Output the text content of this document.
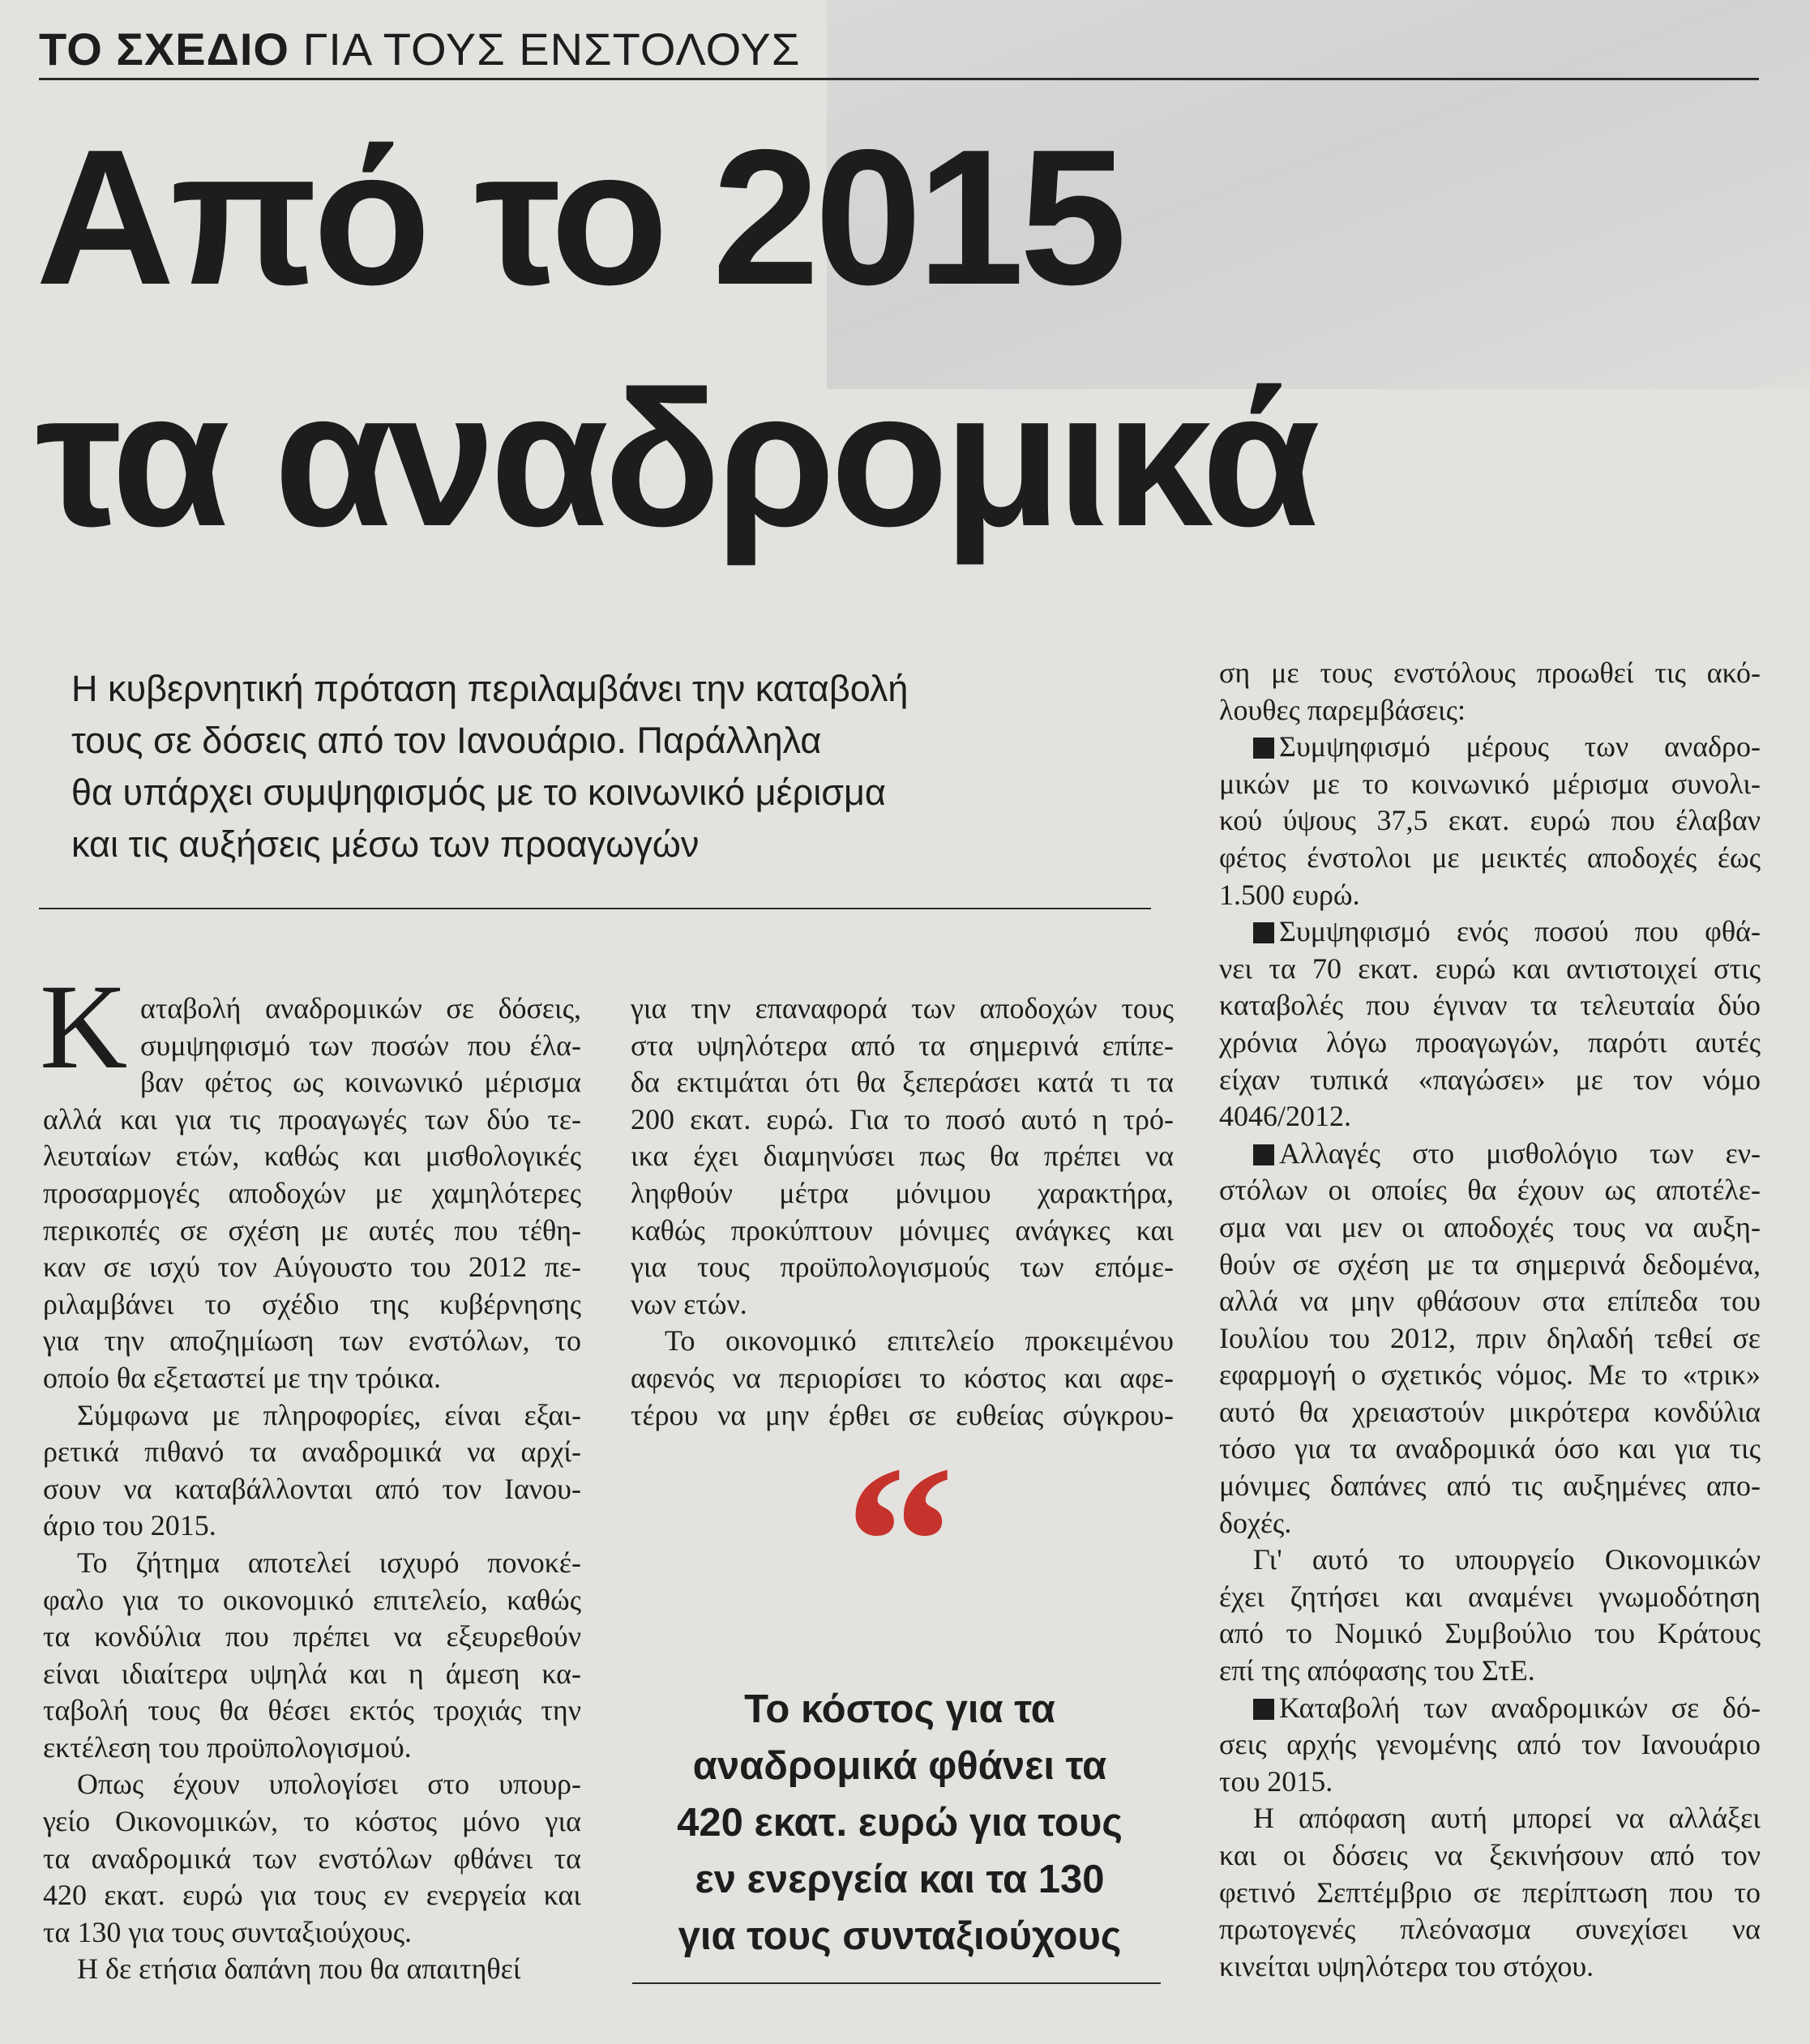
ΤΟ ΣΧΕΔΙΟ ΓΙΑ ΤΟΥΣ ΕΝΣΤΟΛΟΥΣ
Από το 2015
τα αναδρομικά
Η κυβερνητική πρόταση περιλαμβάνει την καταβολή
τους σε δόσεις από τον Ιανουάριο. Παράλληλα
θα υπάρχει συμψηφισμός με το κοινωνικό μέρισμα
και τις αυξήσεις μέσω των προαγωγών
Κ αταβολή αναδρομικών σε δόσεις,
συμψηφισμό των ποσών που έλα-
βαν φέτος ως κοινωνικό μέρισμα
αλλά και για τις προαγωγές των δύο τε-
λευταίων ετών, καθώς και μισθολογικές
προσαρμογές αποδοχών με χαμηλότερες
περικοπές σε σχέση με αυτές που τέθη-
καν σε ισχύ τον Αύγουστο του 2012 πε-
ριλαμβάνει το σχέδιο της κυβέρνησης
για την αποζημίωση των ενστόλων, το
οποίο θα εξεταστεί με την τρόικα.
Σύμφωνα με πληροφορίες, είναι εξαι-
ρετικά πιθανό τα αναδρομικά να αρχί-
σουν να καταβάλλονται από τον Ιανου-
άριο του 2015.
Το ζήτημα αποτελεί ισχυρό πονοκέ-
φαλο για το οικονομικό επιτελείο, καθώς
τα κονδύλια που πρέπει να εξευρεθούν
είναι ιδιαίτερα υψηλά και η άμεση κα-
ταβολή τους θα θέσει εκτός τροχιάς την
εκτέλεση του προϋπολογισμού.
Οπως έχουν υπολογίσει στο υπουρ-
γείο Οικονομικών, το κόστος μόνο για
τα αναδρομικά των ενστόλων φθάνει τα
420 εκατ. ευρώ για τους εν ενεργεία και
τα 130 για τους συνταξιούχους.
Η δε ετήσια δαπάνη που θα απαιτηθεί
για την επαναφορά των αποδοχών τους
στα υψηλότερα από τα σημερινά επίπε-
δα εκτιμάται ότι θα ξεπεράσει κατά τι τα
200 εκατ. ευρώ. Για το ποσό αυτό η τρό-
ικα έχει διαμηνύσει πως θα πρέπει να
ληφθούν μέτρα μόνιμου χαρακτήρα,
καθώς προκύπτουν μόνιμες ανάγκες και
για τους προϋπολογισμούς των επόμε-
νων ετών.
Το οικονομικό επιτελείο προκειμένου
αφενός να περιορίσει το κόστος και αφε-
τέρου να μην έρθει σε ευθείας σύγκρου-
ση με τους ενστόλους προωθεί τις ακό-
λουθες παρεμβάσεις:
Συμψηφισμό μέρους των αναδρο-
μικών με το κοινωνικό μέρισμα συνολι-
κού ύψους 37,5 εκατ. ευρώ που έλαβαν
φέτος ένστολοι με μεικτές αποδοχές έως
1.500 ευρώ.
Συμψηφισμό ενός ποσού που φθά-
νει τα 70 εκατ. ευρώ και αντιστοιχεί στις
καταβολές που έγιναν τα τελευταία δύο
χρόνια λόγω προαγωγών, παρότι αυτές
είχαν τυπικά «παγώσει» με τον νόμο
4046/2012.
Αλλαγές στο μισθολόγιο των εν-
στόλων οι οποίες θα έχουν ως αποτέλε-
σμα ναι μεν οι αποδοχές τους να αυξη-
θούν σε σχέση με τα σημερινά δεδομένα,
αλλά να μην φθάσουν στα επίπεδα του
Ιουλίου του 2012, πριν δηλαδή τεθεί σε
εφαρμογή ο σχετικός νόμος. Με το «τρικ»
αυτό θα χρειαστούν μικρότερα κονδύλια
τόσο για τα αναδρομικά όσο και για τις
μόνιμες δαπάνες από τις αυξημένες απο-
δοχές.
Γι' αυτό το υπουργείο Οικονομικών
έχει ζητήσει και αναμένει γνωμοδότηση
από το Νομικό Συμβούλιο του Κράτους
επί της απόφασης του ΣτΕ.
Καταβολή των αναδρομικών σε δό-
σεις αρχής γενομένης από τον Ιανουάριο
του 2015.
Η απόφαση αυτή μπορεί να αλλάξει
και οι δόσεις να ξεκινήσουν από τον
φετινό Σεπτέμβριο σε περίπτωση που το
πρωτογενές πλεόνασμα συνεχίσει να
κινείται υψηλότερα του στόχου.
“
Το κόστος για τα
αναδρομικά φθάνει τα
420 εκατ. ευρώ για τους
εν ενεργεία και τα 130
για τους συνταξιούχους
